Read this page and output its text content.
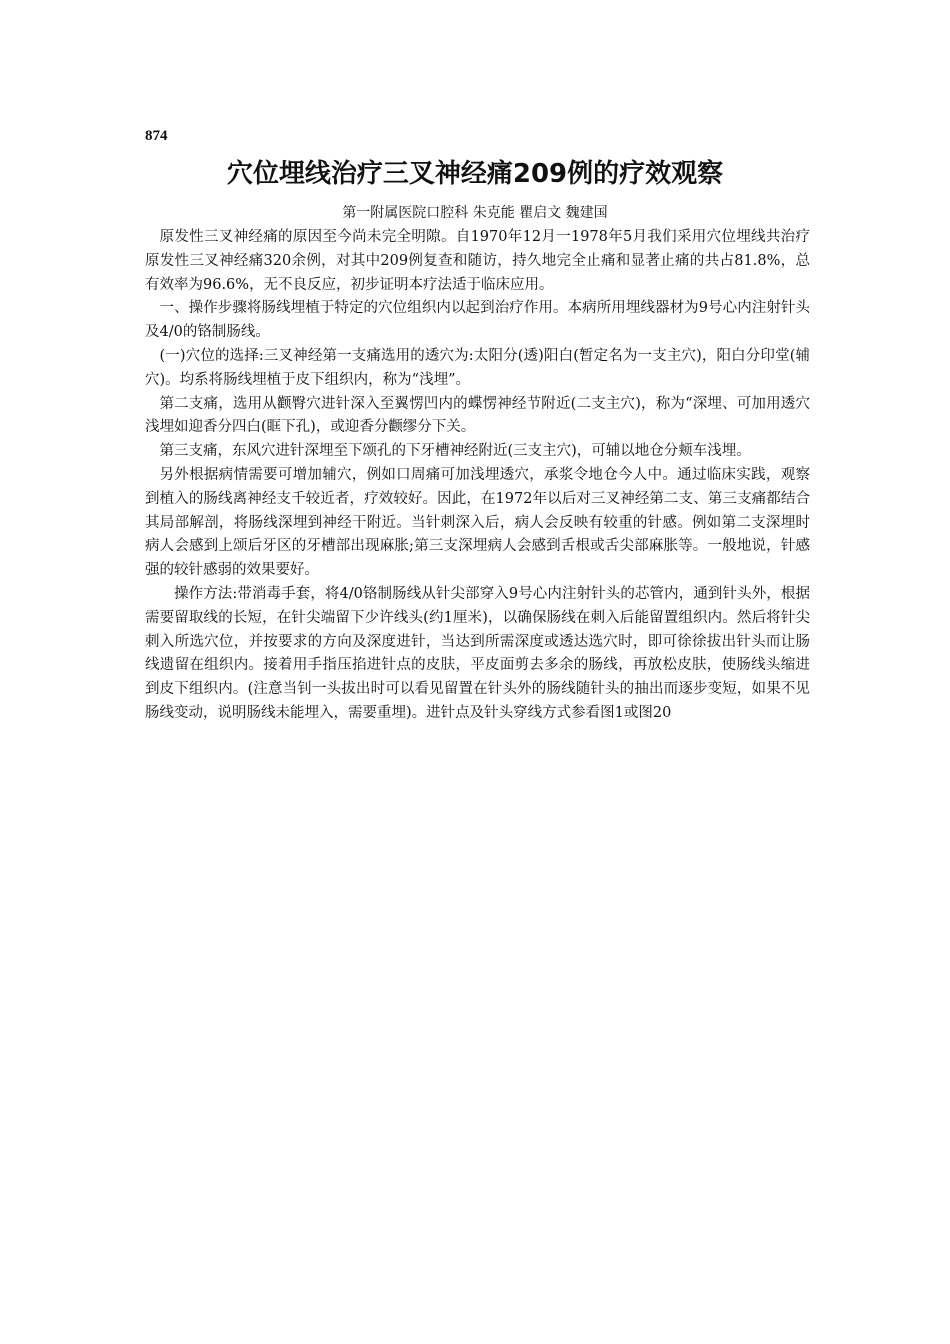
874
穴位埋线治疗三叉神经痛209例的疗效观察
第一附属医院口腔科 朱克能 瞿启文 魏建国

原发性三叉神经痛的原因至今尚未完全明隙。自1970年12月一1978年5月我们采用穴位埋线共治疗原发性三叉神经痛320余例，对其中209例复查和随访，持久地完全止痛和显著止痛的共占81.8%，总有效率为96.6%，无不良反应，初步证明本疗法适于临床应用。

一、操作步骤将肠线埋植于特定的穴位组织内以起到治疗作用。本病所用埋线器材为9号心内注射针头及4/0的铬制肠线。

(一)穴位的选择:三叉神经第一支痛选用的透穴为:太阳分(透)阳白(暂定名为一支主穴)，阳白分印堂(辅穴)。均系将肠线埋植于皮下组织内，称为“浅埋”。

第二支痛，选用从颧臀穴进针深入至翼愣凹内的蝶愣神经节附近(二支主穴)，称为“深埋、可加用透穴浅埋如迎香分四白(眶下孔)，或迎香分颧缪分下关。

第三支痛，东风穴进针深埋至下颂孔的下牙槽神经附近(三支主穴)，可辅以地仓分颊车浅埋。

另外根据病情需要可增加辅穴，例如口周痛可加浅埋透穴，承浆令地仓今人中。通过临床实践，观察到植入的肠线离神经支千较近者，疗效较好。因此，在1972年以后对三叉神经第二支、第三支痛都结合其局部解剖，将肠线深埋到神经干附近。当针刺深入后，病人会反映有较重的针感。例如第二支深埋时病人会感到上颂后牙区的牙槽部出现麻胀;第三支深埋病人会感到舌根或舌尖部麻胀等。一般地说，针感强的较针感弱的效果要好。

操作方法:带消毒手套，将4/0铬制肠线从针尖部穿入9号心内注射针头的芯管内，通到针头外，根据需要留取线的长短，在针尖端留下少许线头(约1厘米)，以确保肠线在刺入后能留置组织内。然后将针尖刺入所选穴位，并按要求的方向及深度进针，当达到所需深度或透达选穴时，即可徐徐拔出针头而让肠线遗留在组织内。接着用手指压掐进针点的皮肤，平皮面剪去多余的肠线，再放松皮肤，使肠线头缩进到皮下组织内。(注意当钊一头拔出时可以看见留置在针头外的肠线随针头的抽出而逐步变短，如果不见肠线变动，说明肠线未能埋入，需要重埋)。进针点及针头穿线方式参看图1或图20
